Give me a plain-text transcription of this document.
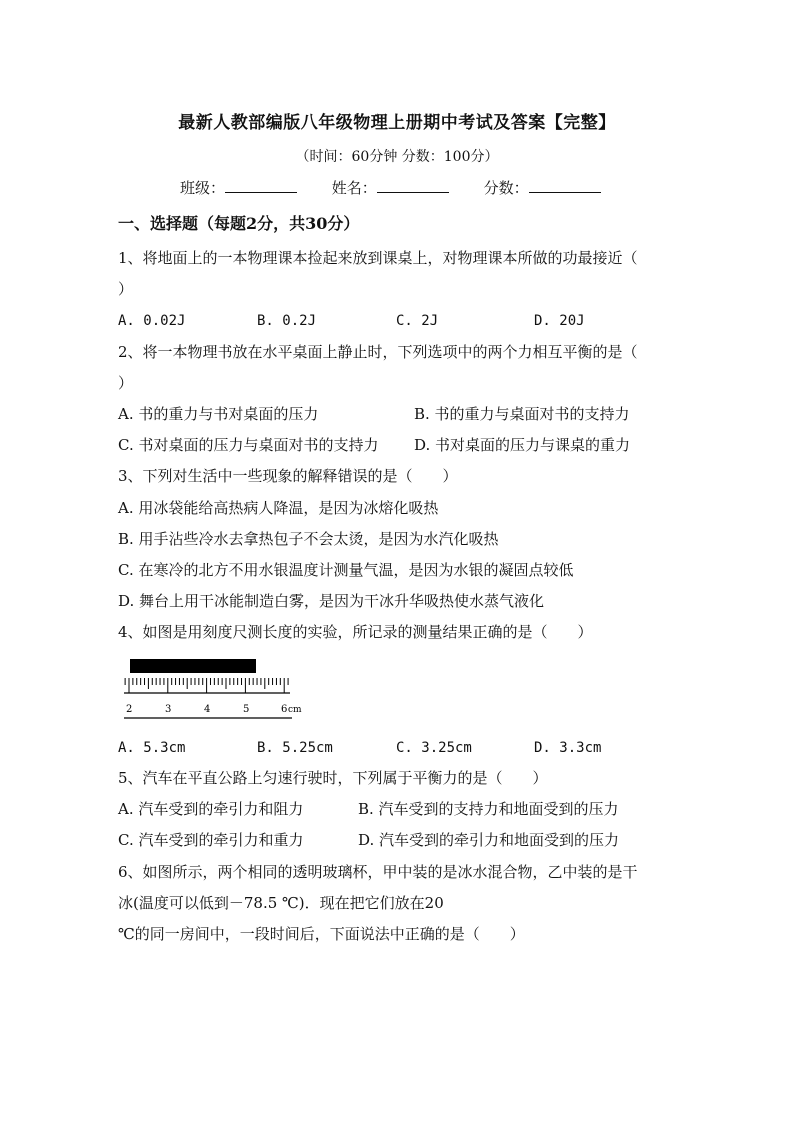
最新人教部编版八年级物理上册期中考试及答案【完整】
（时间：60分钟 分数：100分）
班级：	姓名：	分数：
一、选择题（每题2分，共30分）
1、将地面上的一本物理课本捡起来放到课桌上，对物理课本所做的功最接近（
）
A. 0.02J	B. 0.2J	C. 2J	D. 20J
2、将一本物理书放在水平桌面上静止时，下列选项中的两个力相互平衡的是（
）
A. 书的重力与书对桌面的压力	B. 书的重力与桌面对书的支持力
C. 书对桌面的压力与桌面对书的支持力 D. 书对桌面的压力与课桌的重力
3、下列对生活中一些现象的解释错误的是（　　）
A. 用冰袋能给高热病人降温，是因为冰熔化吸热
B. 用手沾些冷水去拿热包子不会太烫，是因为水汽化吸热
C. 在寒冷的北方不用水银温度计测量气温，是因为水银的凝固点较低
D. 舞台上用干冰能制造白雾，是因为干冰升华吸热使水蒸气液化
4、如图是用刻度尺测长度的实验，所记录的测量结果正确的是（　　）
2	3	4	5	6 cm
A. 5.3cm	B. 5.25cm	C. 3.25cm	D. 3.3cm
5、汽车在平直公路上匀速行驶时，下列属于平衡力的是（　　）
A. 汽车受到的牵引力和阻力	B. 汽车受到的支持力和地面受到的压力
C. 汽车受到的牵引力和重力	D. 汽车受到的牵引力和地面受到的压力
6、如图所示，两个相同的透明玻璃杯，甲中装的是冰水混合物，乙中装的是干
冰(温度可以低到－78.5 ℃)．现在把它们放在20
℃的同一房间中，一段时间后，下面说法中正确的是（　　）
